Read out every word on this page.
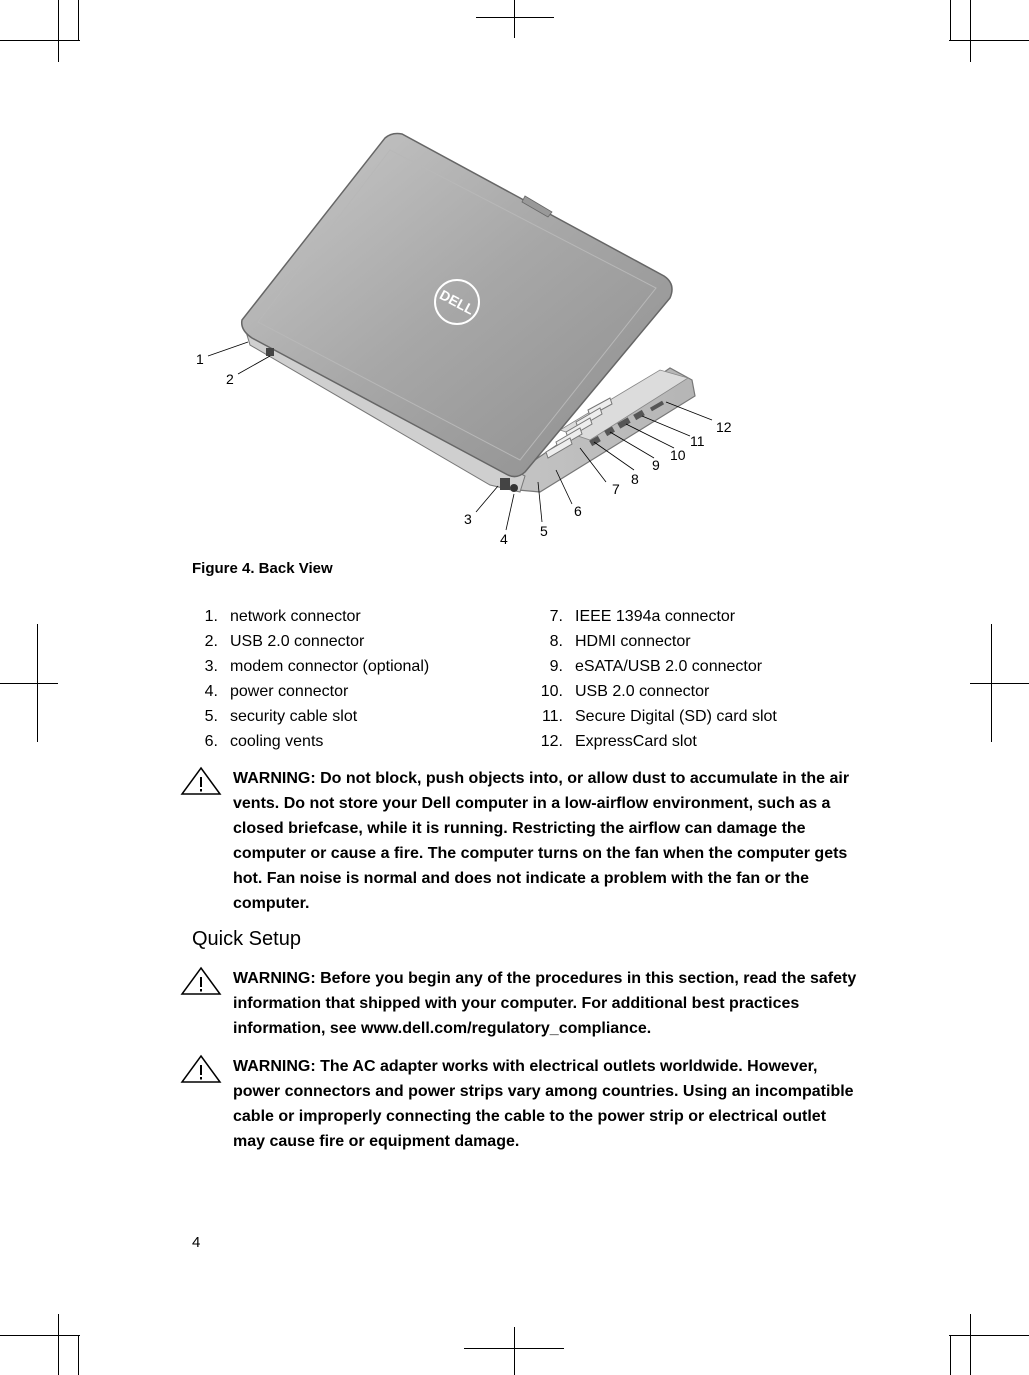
DELL
1
2
3
4 5
6
7
8
9
10
11
12
Figure 4. Back View
1. network connector
2. USB 2.0 connector
3. modem connector (optional)
4. power connector
5. security cable slot
6. cooling vents
7. IEEE 1394a connector
8. HDMI connector
9. eSATA/USB 2.0 connector
10. USB 2.0 connector
11. Secure Digital (SD) card slot
12. ExpressCard slot
WARNING: Do not block, push objects into, or allow dust to accumulate in the air vents. Do not store your Dell computer in a low-airflow environment, such as a closed briefcase, while it is running. Restricting the airflow can damage the computer or cause a fire. The computer turns on the fan when the computer gets hot. Fan noise is normal and does not indicate a problem with the fan or the computer.
Quick Setup
WARNING: Before you begin any of the procedures in this section, read the safety information that shipped with your computer. For additional best practices information, see www.dell.com/regulatory_compliance.
WARNING: The AC adapter works with electrical outlets worldwide. However, power connectors and power strips vary among countries. Using an incompatible cable or improperly connecting the cable to the power strip or electrical outlet may cause fire or equipment damage.
4
